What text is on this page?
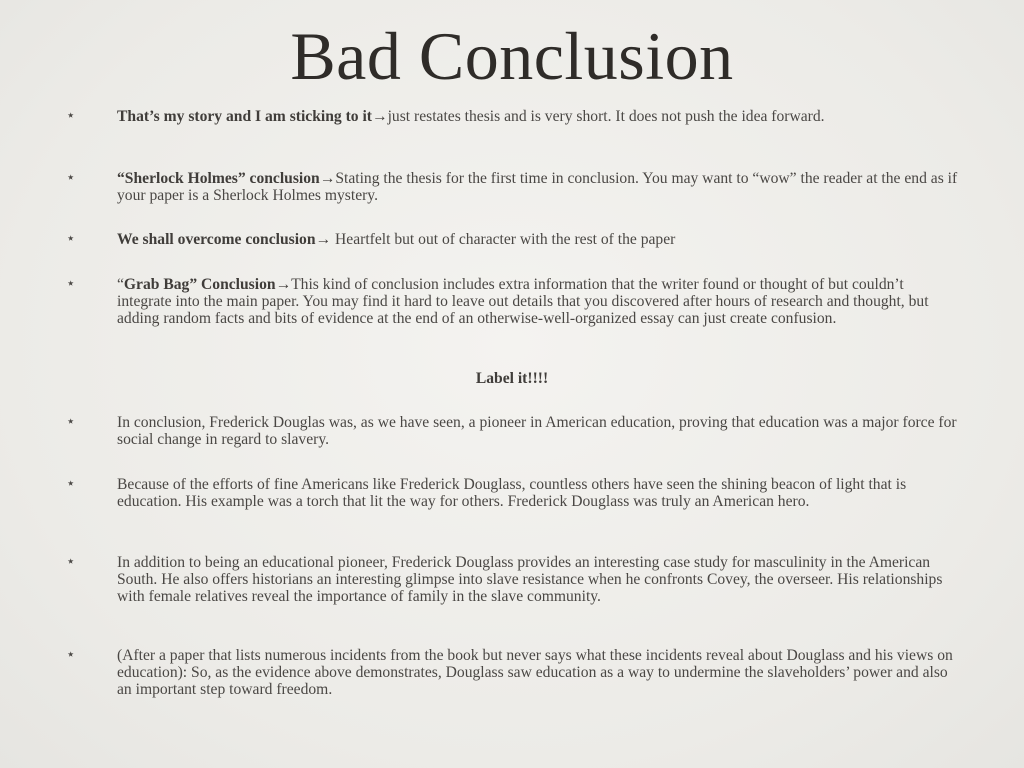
Bad Conclusion
⋆	That’s my story and I am sticking to it→just restates thesis and is very short. It does not push the idea forward.
⋆	“Sherlock Holmes” conclusion→Stating the thesis for the first time in conclusion. You may want to “wow” the reader at the end as if your paper is a Sherlock Holmes mystery.
⋆	We shall overcome conclusion→ Heartfelt but out of character with the rest of the paper
⋆	“Grab Bag” Conclusion→This kind of conclusion includes extra information that the writer found or thought of but couldn’t integrate into the main paper. You may find it hard to leave out details that you discovered after hours of research and thought, but adding random facts and bits of evidence at the end of an otherwise-well-organized essay can just create confusion.
Label it!!!!
⋆	In conclusion, Frederick Douglas was, as we have seen, a pioneer in American education, proving that education was a major force for social change in regard to slavery.
⋆	Because of the efforts of fine Americans like Frederick Douglass, countless others have seen the shining beacon of light that is education. His example was a torch that lit the way for others. Frederick Douglass was truly an American hero.
⋆	In addition to being an educational pioneer, Frederick Douglass provides an interesting case study for masculinity in the American South. He also offers historians an interesting glimpse into slave resistance when he confronts Covey, the overseer. His relationships with female relatives reveal the importance of family in the slave community.
⋆	(After a paper that lists numerous incidents from the book but never says what these incidents reveal about Douglass and his views on education): So, as the evidence above demonstrates, Douglass saw education as a way to undermine the slaveholders’ power and also an important step toward freedom.
